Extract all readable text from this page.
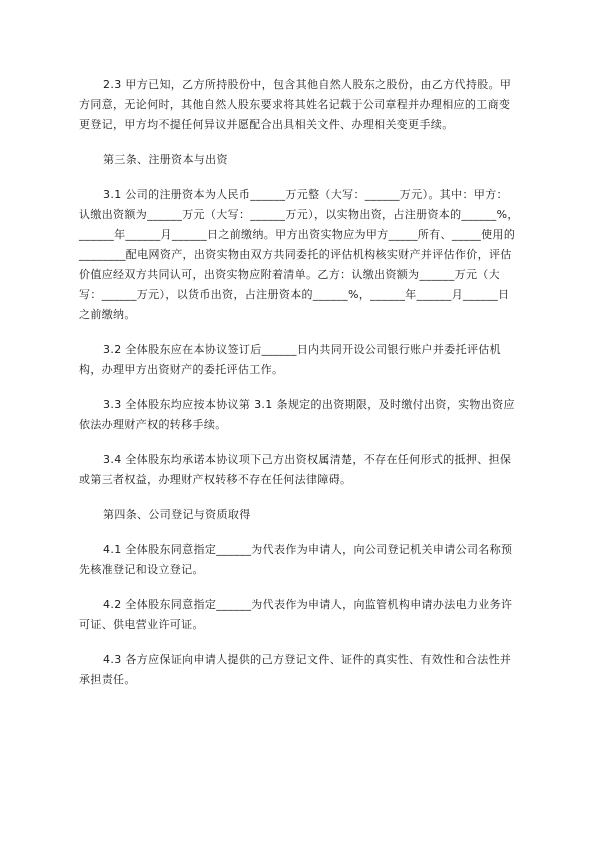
2.3 甲方已知，乙方所持股份中，包含其他自然人股东之股份，由乙方代持股。甲方同意，无论何时，其他自然人股东要求将其姓名记载于公司章程并办理相应的工商变更登记，甲方均不提任何异议并愿配合出具相关文件、办理相关变更手续。

第三条、注册资本与出资

3.1 公司的注册资本为人民币______万元整（大写：______万元）。其中：甲方：认缴出资额为______万元（大写：______万元），以实物出资，占注册资本的______%，______年______月______日之前缴纳。甲方出资实物应为甲方_____所有、_____使用的________配电网资产，出资实物由双方共同委托的评估机构核实财产并评估作价，评估价值应经双方共同认可，出资实物应附着清单。乙方：认缴出资额为______万元（大写：______万元），以货币出资，占注册资本的______%，______年______月______日之前缴纳。

3.2 全体股东应在本协议签订后______日内共同开设公司银行账户并委托评估机构，办理甲方出资财产的委托评估工作。

3.3 全体股东均应按本协议第 3.1 条规定的出资期限，及时缴付出资，实物出资应依法办理财产权的转移手续。

3.4 全体股东均承诺本协议项下己方出资权属清楚，不存在任何形式的抵押、担保或第三者权益，办理财产权转移不存在任何法律障碍。

第四条、公司登记与资质取得

4.1 全体股东同意指定______为代表作为申请人，向公司登记机关申请公司名称预先核准登记和设立登记。

4.2 全体股东同意指定______为代表作为申请人，向监管机构申请办法电力业务许可证、供电营业许可证。

4.3 各方应保证向申请人提供的己方登记文件、证件的真实性、有效性和合法性并承担责任。
